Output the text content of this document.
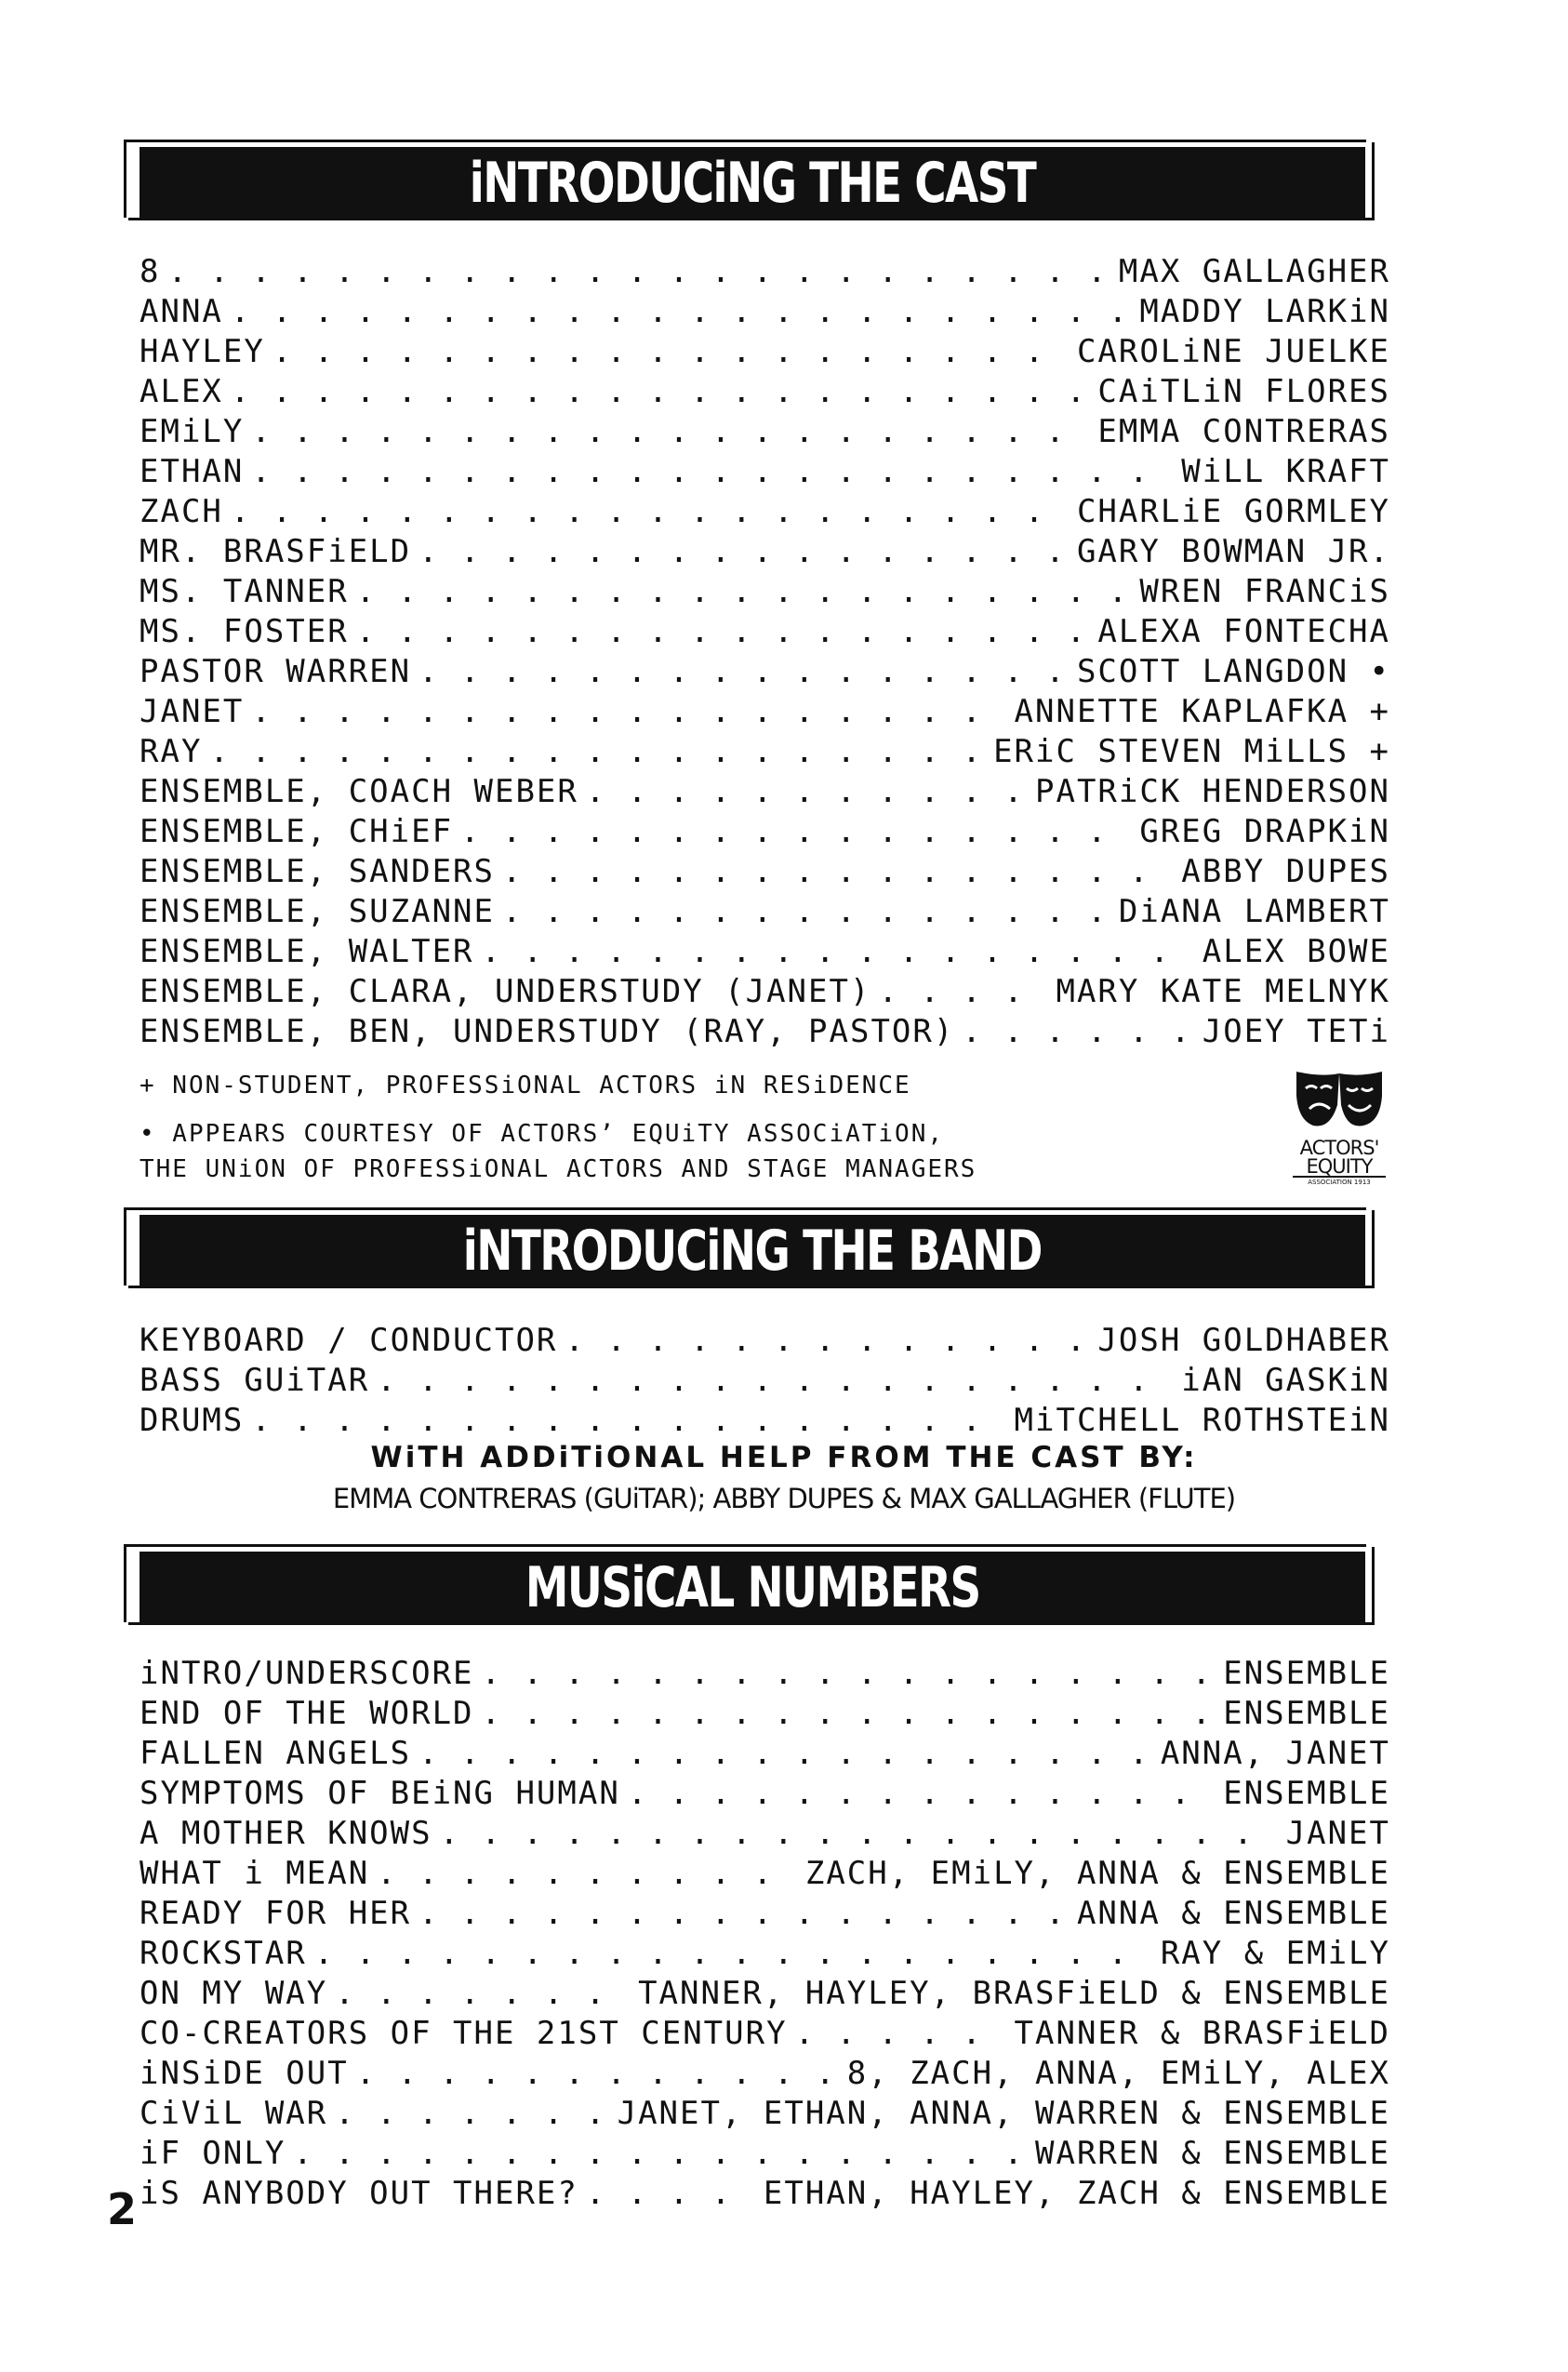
iNTRODUCiNG THE CAST
8 . . .	MAX GALLAGHER
ANNA . . .	MADDY LARKiN
HAYLEY . . .	CAROLiNE JUELKE
ALEX . . .	CAiTLiN FLORES
EMiLY . . .	EMMA CONTRERAS
ETHAN . . .	WiLL KRAFT
ZACH . . .	CHARLiE GORMLEY
MR. BRASFiELD . . .	GARY BOWMAN JR.
MS. TANNER . . .	WREN FRANCiS
MS. FOSTER . . .	ALEXA FONTECHA
PASTOR WARREN . . .	SCOTT LANGDON •
JANET . . .	ANNETTE KAPLAFKA +
RAY . . .	ERiC STEVEN MiLLS +
ENSEMBLE, COACH WEBER . . .	PATRiCK HENDERSON
ENSEMBLE, CHiEF . . .	GREG DRAPKiN
ENSEMBLE, SANDERS . . .	ABBY DUPES
ENSEMBLE, SUZANNE . . .	DiANA LAMBERT
ENSEMBLE, WALTER . . .	ALEX BOWE
ENSEMBLE, CLARA, UNDERSTUDY (JANET) . . .	MARY KATE MELNYK
ENSEMBLE, BEN, UNDERSTUDY (RAY, PASTOR) . . .	JOEY TETi
+ NON-STUDENT, PROFESSiONAL ACTORS iN RESiDENCE
• APPEARS COURTESY OF ACTORS’ EQUiTY ASSOCiATiON,
THE UNiON OF PROFESSiONAL ACTORS AND STAGE MANAGERS
ACTORS'
EQUITY
ASSOCIATION 1913
iNTRODUCiNG THE BAND
KEYBOARD / CONDUCTOR . . .	JOSH GOLDHABER
BASS GUiTAR . . .	iAN GASKiN
DRUMS . . .	MiTCHELL ROTHSTEiN
WiTH ADDiTiONAL HELP FROM THE CAST BY:
EMMA CONTRERAS (GUiTAR); ABBY DUPES & MAX GALLAGHER (FLUTE)
MUSiCAL NUMBERS
iNTRO/UNDERSCORE . . .	ENSEMBLE
END OF THE WORLD . . .	ENSEMBLE
FALLEN ANGELS . . .	ANNA, JANET
SYMPTOMS OF BEiNG HUMAN . . .	ENSEMBLE
A MOTHER KNOWS . . .	JANET
WHAT i MEAN . . .	ZACH, EMiLY, ANNA & ENSEMBLE
READY FOR HER . . .	ANNA & ENSEMBLE
ROCKSTAR . . .	RAY & EMiLY
ON MY WAY . . .	TANNER, HAYLEY, BRASFiELD & ENSEMBLE
CO-CREATORS OF THE 21ST CENTURY . . .	TANNER & BRASFiELD
iNSiDE OUT . . .	8, ZACH, ANNA, EMiLY, ALEX
CiViL WAR . . .	JANET, ETHAN, ANNA, WARREN & ENSEMBLE
iF ONLY . . .	WARREN & ENSEMBLE
iS ANYBODY OUT THERE? . . .	ETHAN, HAYLEY, ZACH & ENSEMBLE
2
